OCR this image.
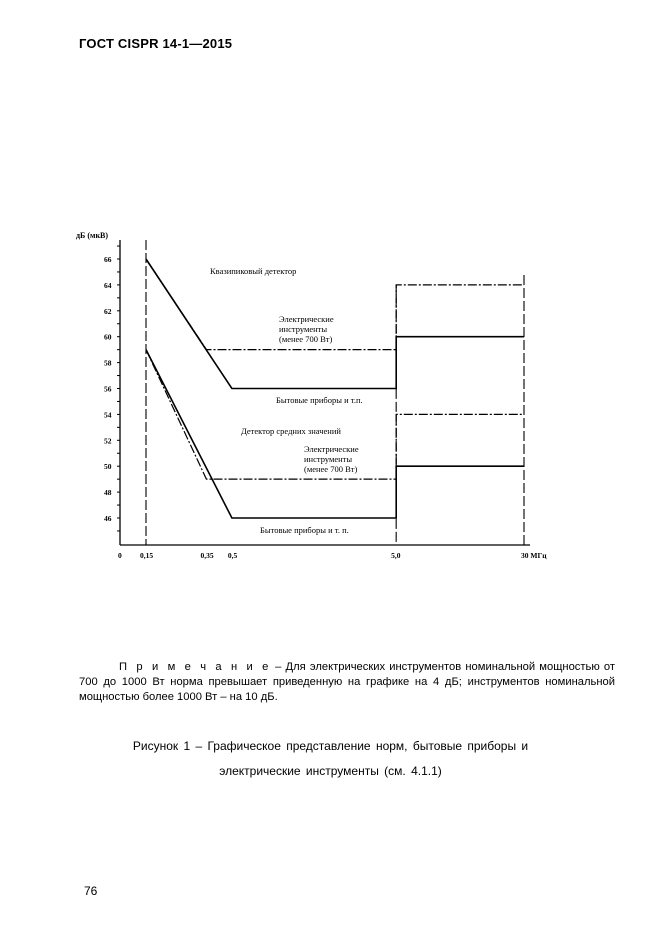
ГОСТ CISPR 14-1—2015
66
64
62
60
58
56
54
52
50
48
46
0 0,15	0,35 0,5	5,0	30 МГц
дБ (мкВ)
Квазипиковый детектор
Электрические
инструменты
(менее 700 Вт)
Бытовые приборы и т.п.
Детектор средних значений
Электрические
инструменты
(менее 700 Вт)
Бытовые приборы и т. п.
П р и м е ч а н и е – Для электрических инструментов номинальной мощностью от 700 до 1000 Вт норма превышает приведенную на графике на 4 дБ; инструментов номинальной мощностью более 1000 Вт – на 10 дБ.
Рисунок 1 – Графическое представление норм, бытовые приборы и
электрические инструменты (см. 4.1.1)
76
